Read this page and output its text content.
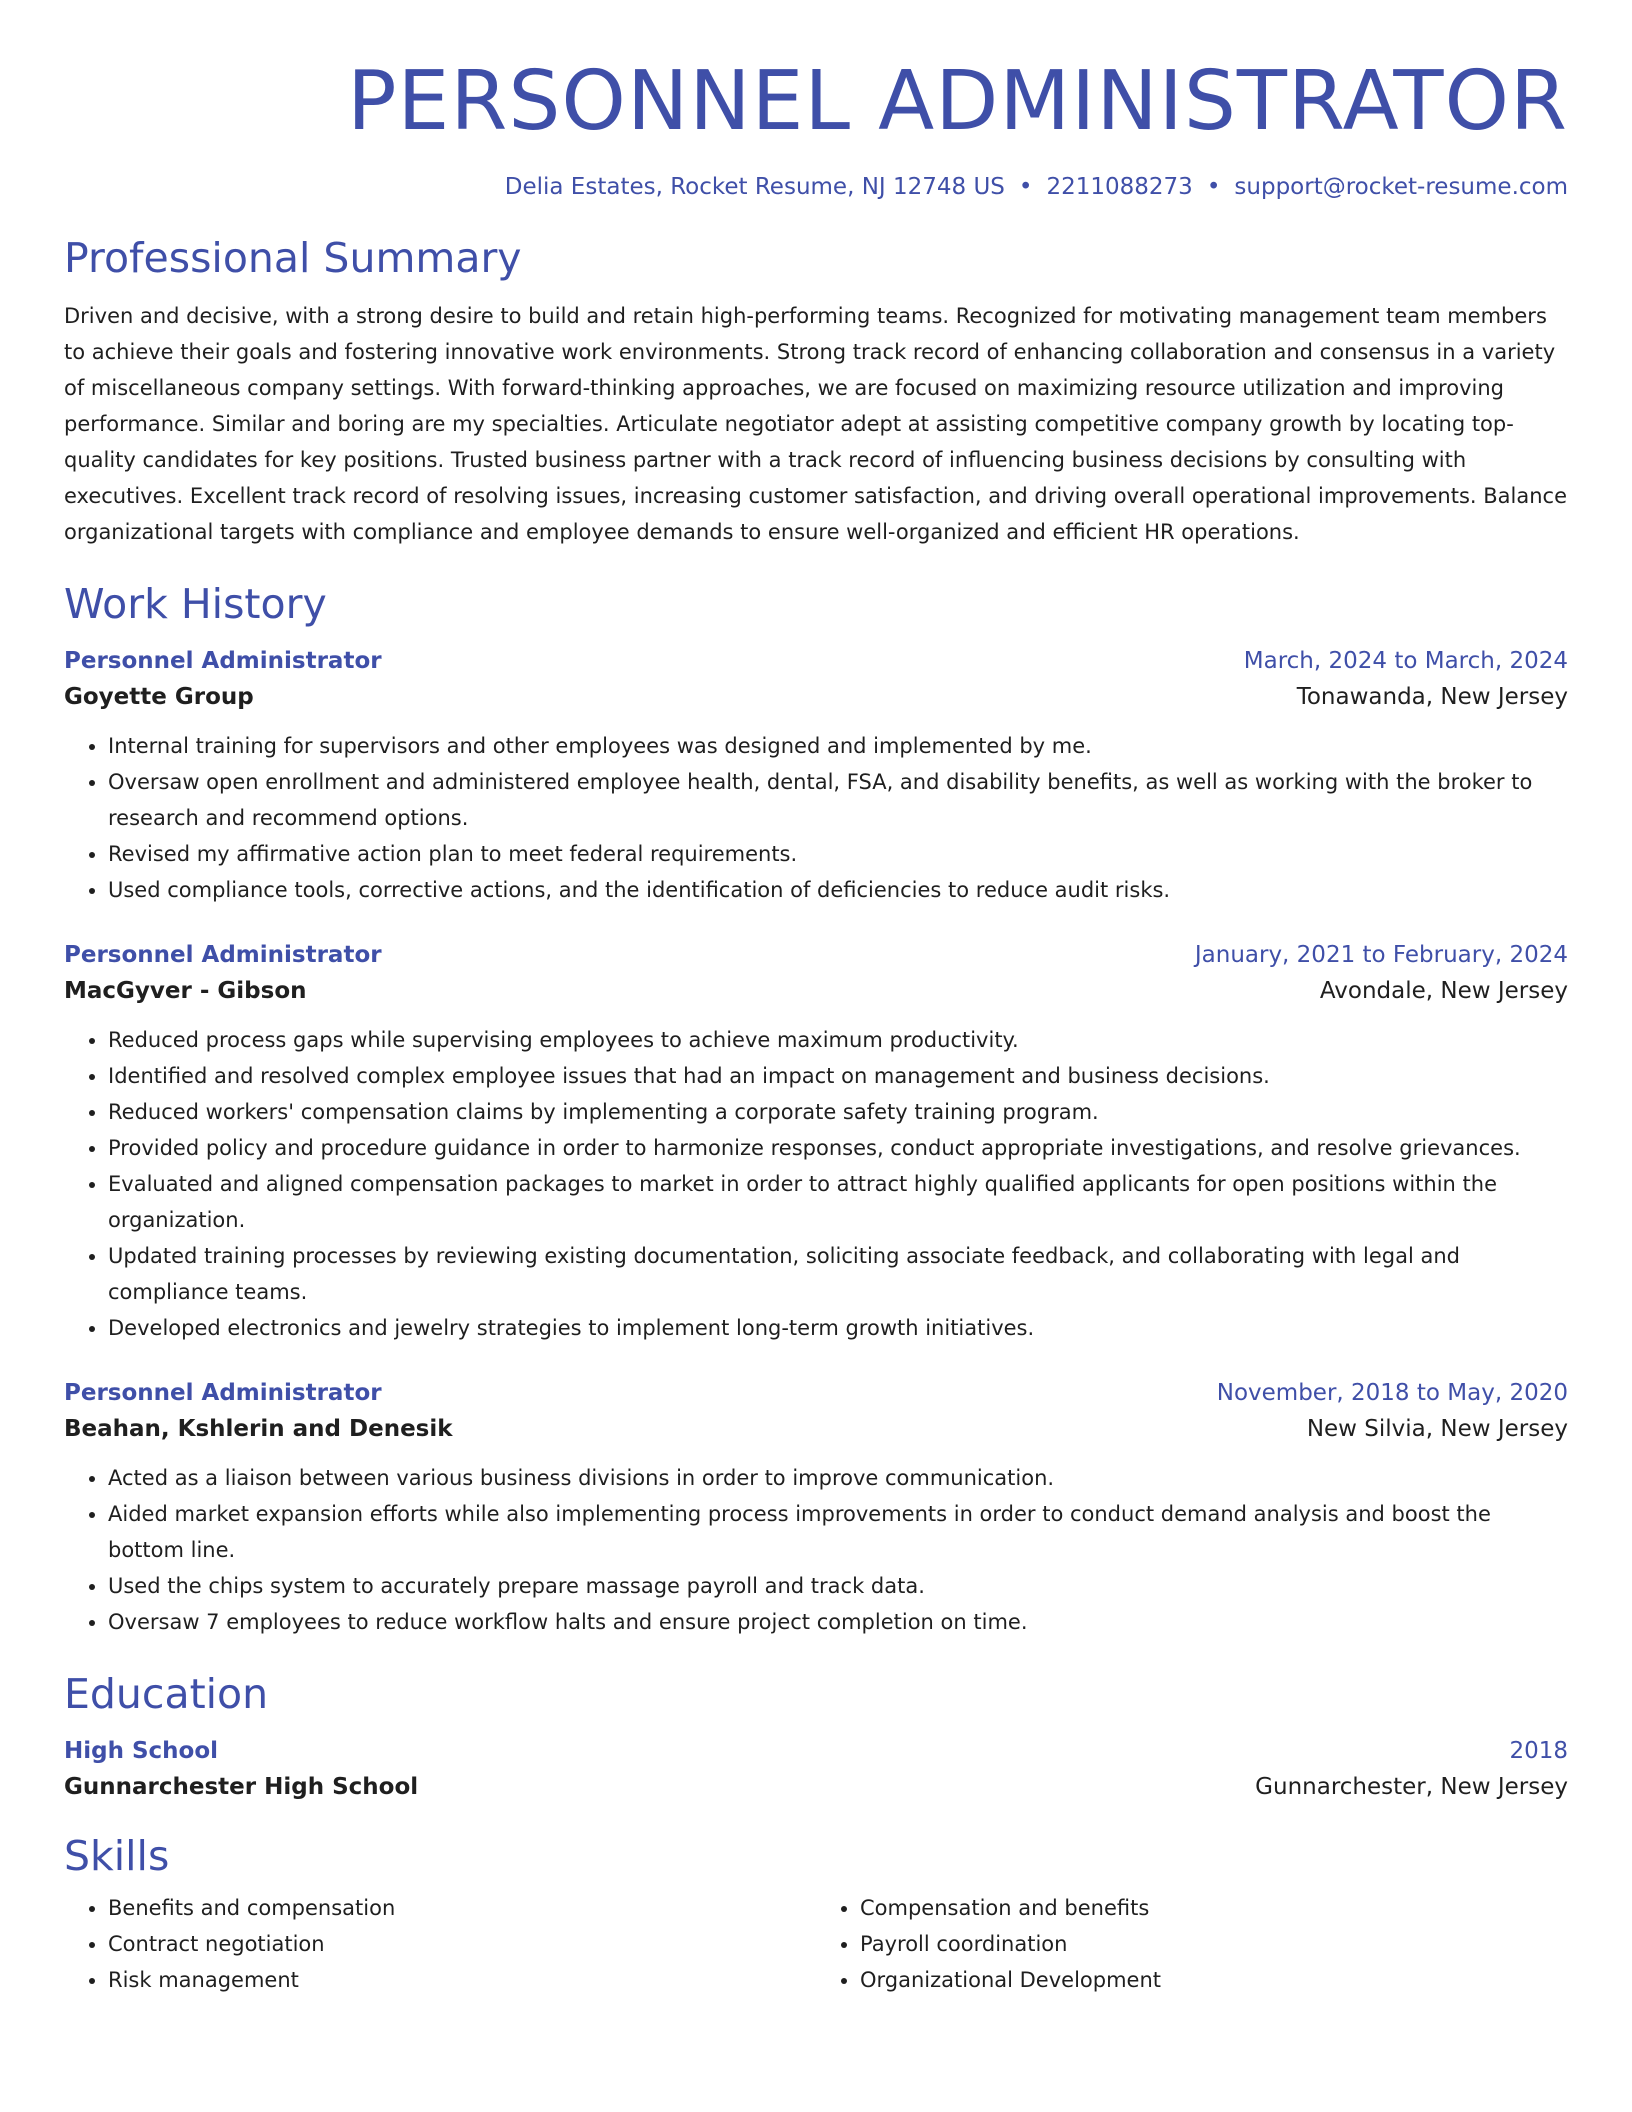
PERSONNEL ADMINISTRATOR
Delia Estates, Rocket Resume, NJ 12748 US • 2211088273 • support@rocket-resume.com
Professional Summary

Driven and decisive, with a strong desire to build and retain high-performing teams. Recognized for motivating management team members to achieve their goals and fostering innovative work environments. Strong track record of enhancing collaboration and consensus in a variety of miscellaneous company settings. With forward-thinking approaches, we are focused on maximizing resource utilization and improving performance. Similar and boring are my specialties. Articulate negotiator adept at assisting competitive company growth by locating top-quality candidates for key positions. Trusted business partner with a track record of influencing business decisions by consulting with executives. Excellent track record of resolving issues, increasing customer satisfaction, and driving overall operational improvements. Balance organizational targets with compliance and employee demands to ensure well-organized and efficient HR operations.

Work History
Personnel Administrator	March, 2024 to March, 2024
Goyette Group	Tonawanda, New Jersey
• Internal training for supervisors and other employees was designed and implemented by me.
• Oversaw open enrollment and administered employee health, dental, FSA, and disability benefits, as well as working with the broker to research and recommend options.
• Revised my affirmative action plan to meet federal requirements.
• Used compliance tools, corrective actions, and the identification of deficiencies to reduce audit risks.
Personnel Administrator	January, 2021 to February, 2024
MacGyver - Gibson	Avondale, New Jersey
• Reduced process gaps while supervising employees to achieve maximum productivity.
• Identified and resolved complex employee issues that had an impact on management and business decisions.
• Reduced workers' compensation claims by implementing a corporate safety training program.
• Provided policy and procedure guidance in order to harmonize responses, conduct appropriate investigations, and resolve grievances.
• Evaluated and aligned compensation packages to market in order to attract highly qualified applicants for open positions within the organization.
• Updated training processes by reviewing existing documentation, soliciting associate feedback, and collaborating with legal and compliance teams.
• Developed electronics and jewelry strategies to implement long-term growth initiatives.
Personnel Administrator	November, 2018 to May, 2020
Beahan, Kshlerin and Denesik	New Silvia, New Jersey
• Acted as a liaison between various business divisions in order to improve communication.
• Aided market expansion efforts while also implementing process improvements in order to conduct demand analysis and boost the bottom line.
• Used the chips system to accurately prepare massage payroll and track data.
• Oversaw 7 employees to reduce workflow halts and ensure project completion on time.
Education
High School	2018
Gunnarchester High School	Gunnarchester, New Jersey
Skills
• Benefits and compensation
• Contract negotiation
• Risk management
• Compensation and benefits
• Payroll coordination
• Organizational Development
